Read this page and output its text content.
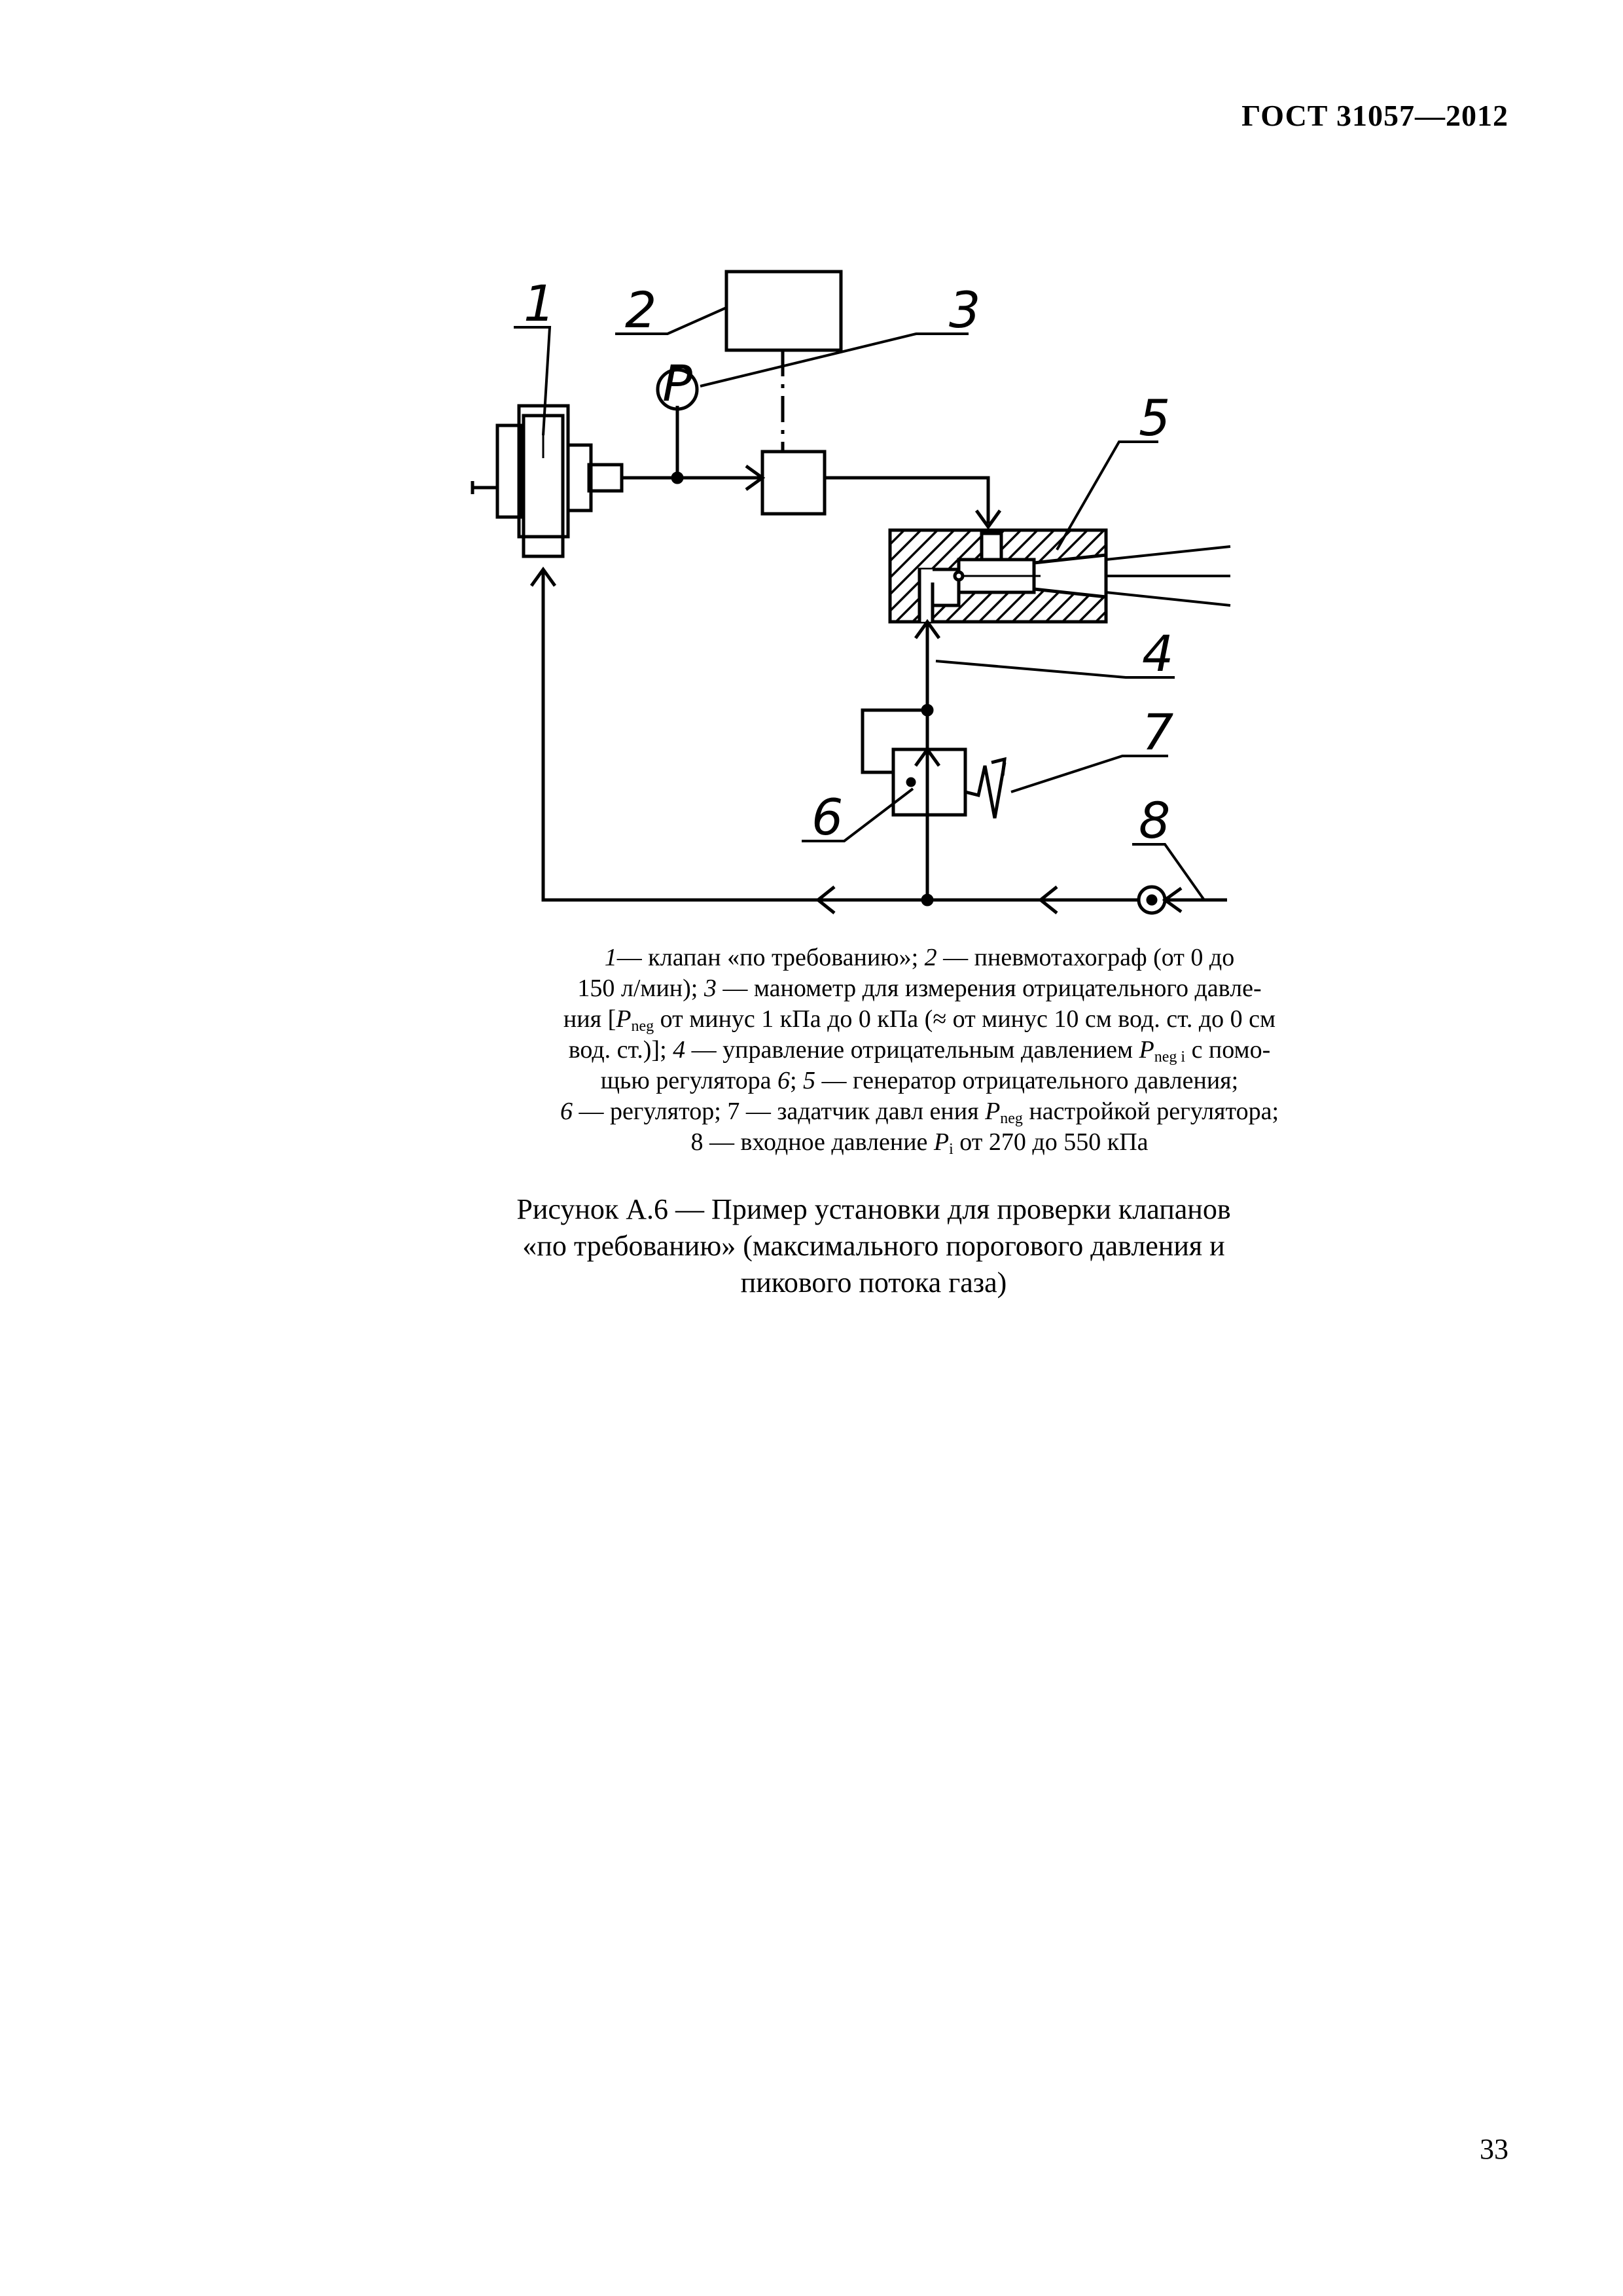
ГОСТ 31057—2012
P
1 2	3
5
4
7
6	8
1— клапан «по требованию»; 2 — пневмотахограф (от 0 до
150 л/мин); 3 — манометр для измерения отрицательного давле-
ния [$P_{neg}$ от минус 1 кПа до 0 кПа (≈ от минус 10 см вод. ст. до 0 см
вод. ст.)]; 4 — управление отрицательным давлением $P_{neg i}$ с помо-
щью регулятора 6; 5 — генератор отрицательного давления;
6 — регулятор; 7 — задатчик давл ения $P_{neg}$ настройкой регулятора;
8 — входное давление $P_i$ от 270 до 550 кПа
Рисунок А.6 — Пример установки для проверки клапанов
«по требованию» (максимального порогового давления и
пикового потока газа)
33
